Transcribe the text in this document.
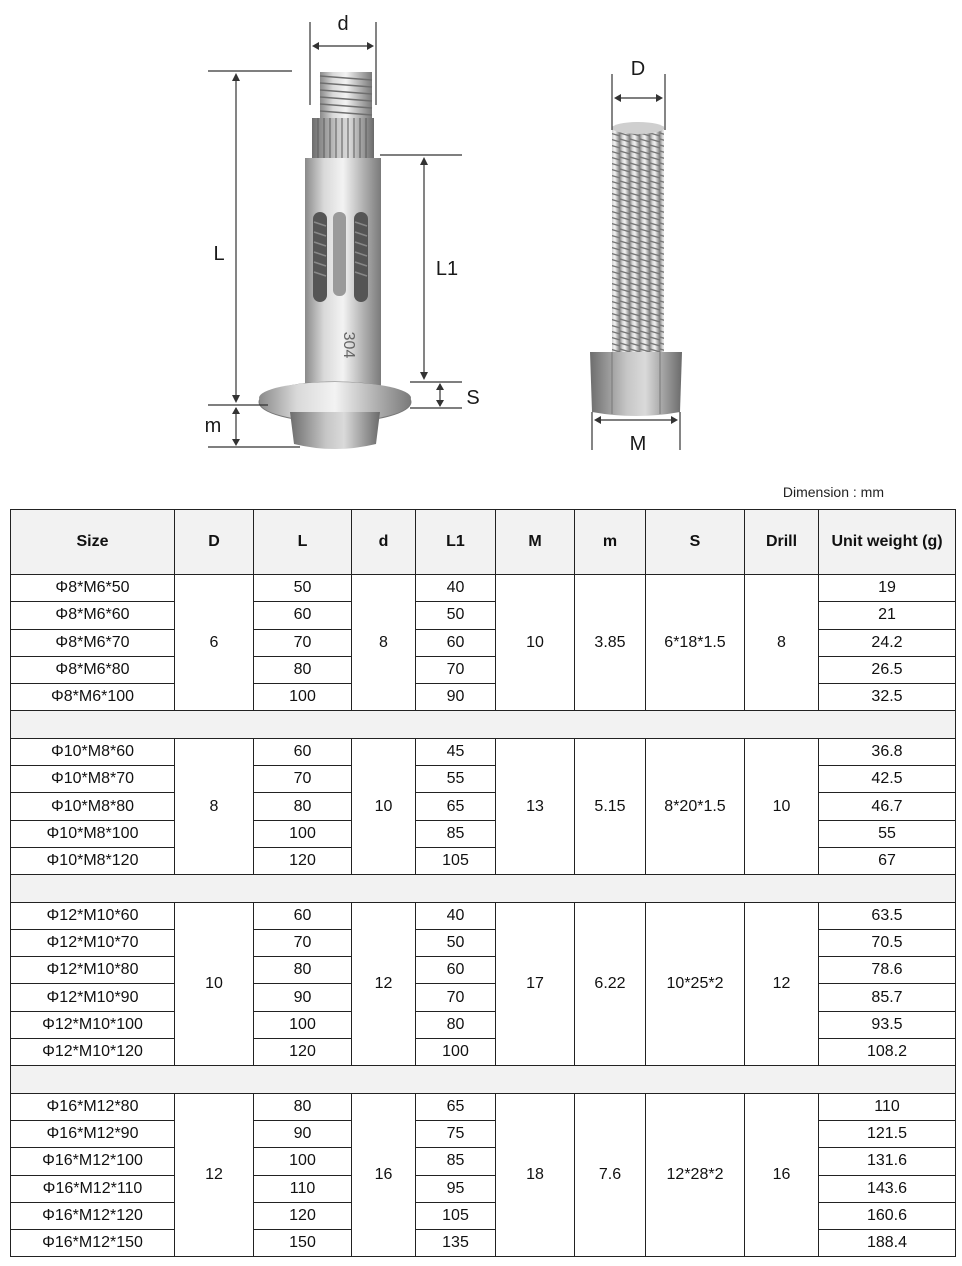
304
d
L
L1
S
m
D
M
Dimension : mm
Size	D	L	d	L1	M	m	S	Drill	Unit weight (g)
Φ8*M6*50	6	50	8	40	10	3.85	6*18*1.5	8	19
Φ8*M6*60		60		50					21
Φ8*M6*70		70		60					24.2
Φ8*M6*80		80		70					26.5
Φ8*M6*100		100		90					32.5

Φ10*M8*60	8	60	10	45	13	5.15	8*20*1.5	10	36.8
Φ10*M8*70		70		55					42.5
Φ10*M8*80		80		65					46.7
Φ10*M8*100		100		85					55
Φ10*M8*120		120		105					67

Φ12*M10*60	10	60	12	40	17	6.22	10*25*2	12	63.5
Φ12*M10*70		70		50					70.5
Φ12*M10*80		80		60					78.6
Φ12*M10*90		90		70					85.7
Φ12*M10*100		100		80					93.5
Φ12*M10*120		120		100					108.2

Φ16*M12*80	12	80	16	65	18	7.6	12*28*2	16	110
Φ16*M12*90		90		75					121.5
Φ16*M12*100		100		85					131.6
Φ16*M12*110		110		95					143.6
Φ16*M12*120		120		105					160.6
Φ16*M12*150		150		135					188.4
